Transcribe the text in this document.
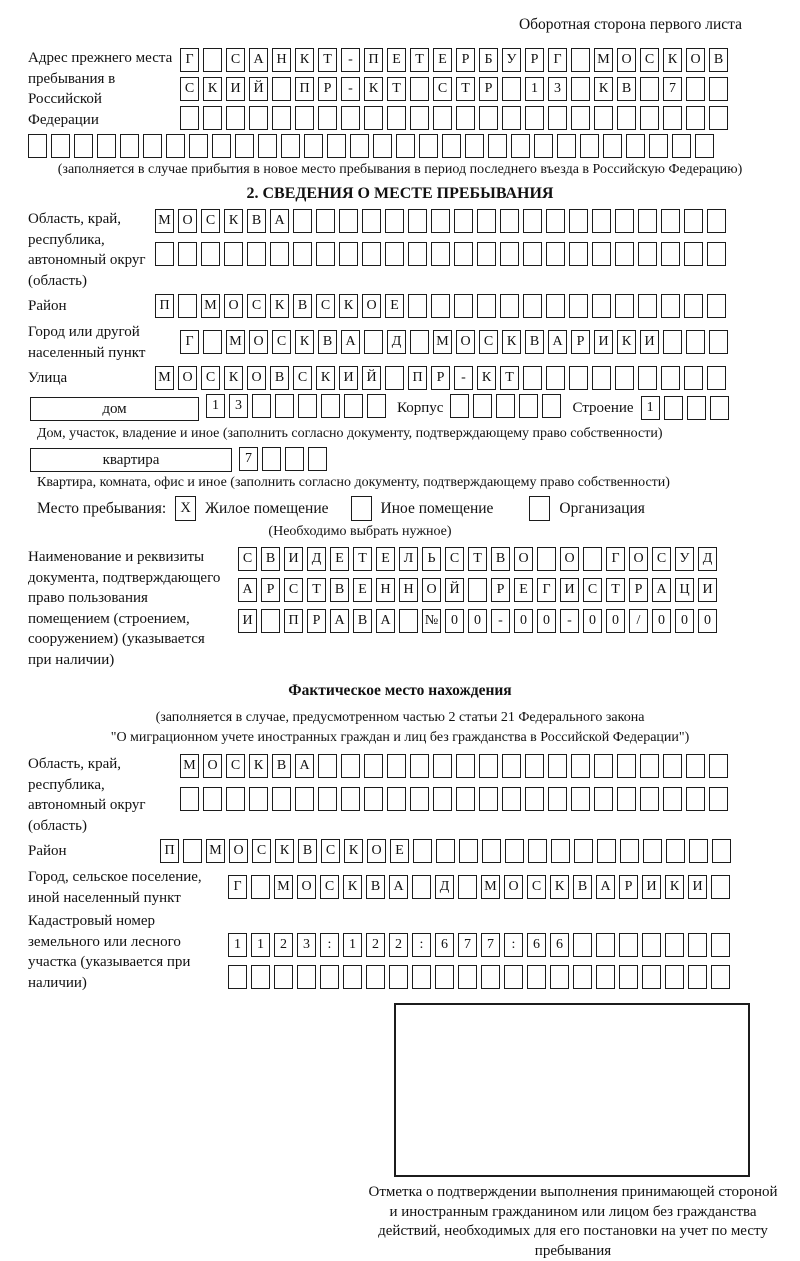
Оборотная сторона первого листа
Адрес прежнего места пребывания в Российской Федерации
Г	С А Н К Т - П Е Т Е Р Б У Р Г	М О С К О В
С К И Й	П Р - К Т	С Т Р	1 3	К В	7
(заполняется в случае прибытия в новое место пребывания в период последнего въезда в Российскую Федерацию)
2. СВЕДЕНИЯ О МЕСТЕ ПРЕБЫВАНИЯ
Область, край, республика, автономный округ (область)
М О С К В А
Район	П М О С К В С К О Е
Город или другой населенный пункт
Г	М О С К В А	Д М О С К В А Р И К И
Улица	М О С К О В С К И Й	П Р - К Т
дом	1 3	Корпус	Строение 1
Дом, участок, владение и иное (заполнить согласно документу, подтверждающему право собственности)
квартира	7
Квартира, комната, офис и иное (заполнить согласно документу, подтверждающему право собственности)
Место пребывания: X Жилое помещение	Иное помещение	Организация
(Необходимо выбрать нужное)
Наименование и реквизиты документа, подтверждающего право пользования помещением (строением, сооружением) (указывается при наличии)
С В И Д Е Т Е Л Ь С Т В О	О	Г О С У Д
А Р С Т В Е Н Н О Й	Р Е Г И С Т Р А Ц И
И	П Р А В А № 0 0 - 0 0 - 0 0 / 0 0 0
Фактическое место нахождения
(заполняется в случае, предусмотренном частью 2 статьи 21 Федерального закона
"О миграционном учете иностранных граждан и лиц без гражданства в Российской Федерации")
Область, край, республика, автономный округ (область)
М О С К В А
Район	П М О С К В С К О Е
Город, сельское поселение, иной населенный пункт
Г	М О С К В А	Д М О С К В А Р И К И
Кадастровый номер земельного или лесного участка (указывается при наличии)
1 1 2 3 : 1 2 2 : 6 7 7 : 6 6
Отметка о подтверждении выполнения принимающей стороной и иностранным гражданином или лицом без гражданства действий, необходимых для его постановки на учет по месту пребывания
